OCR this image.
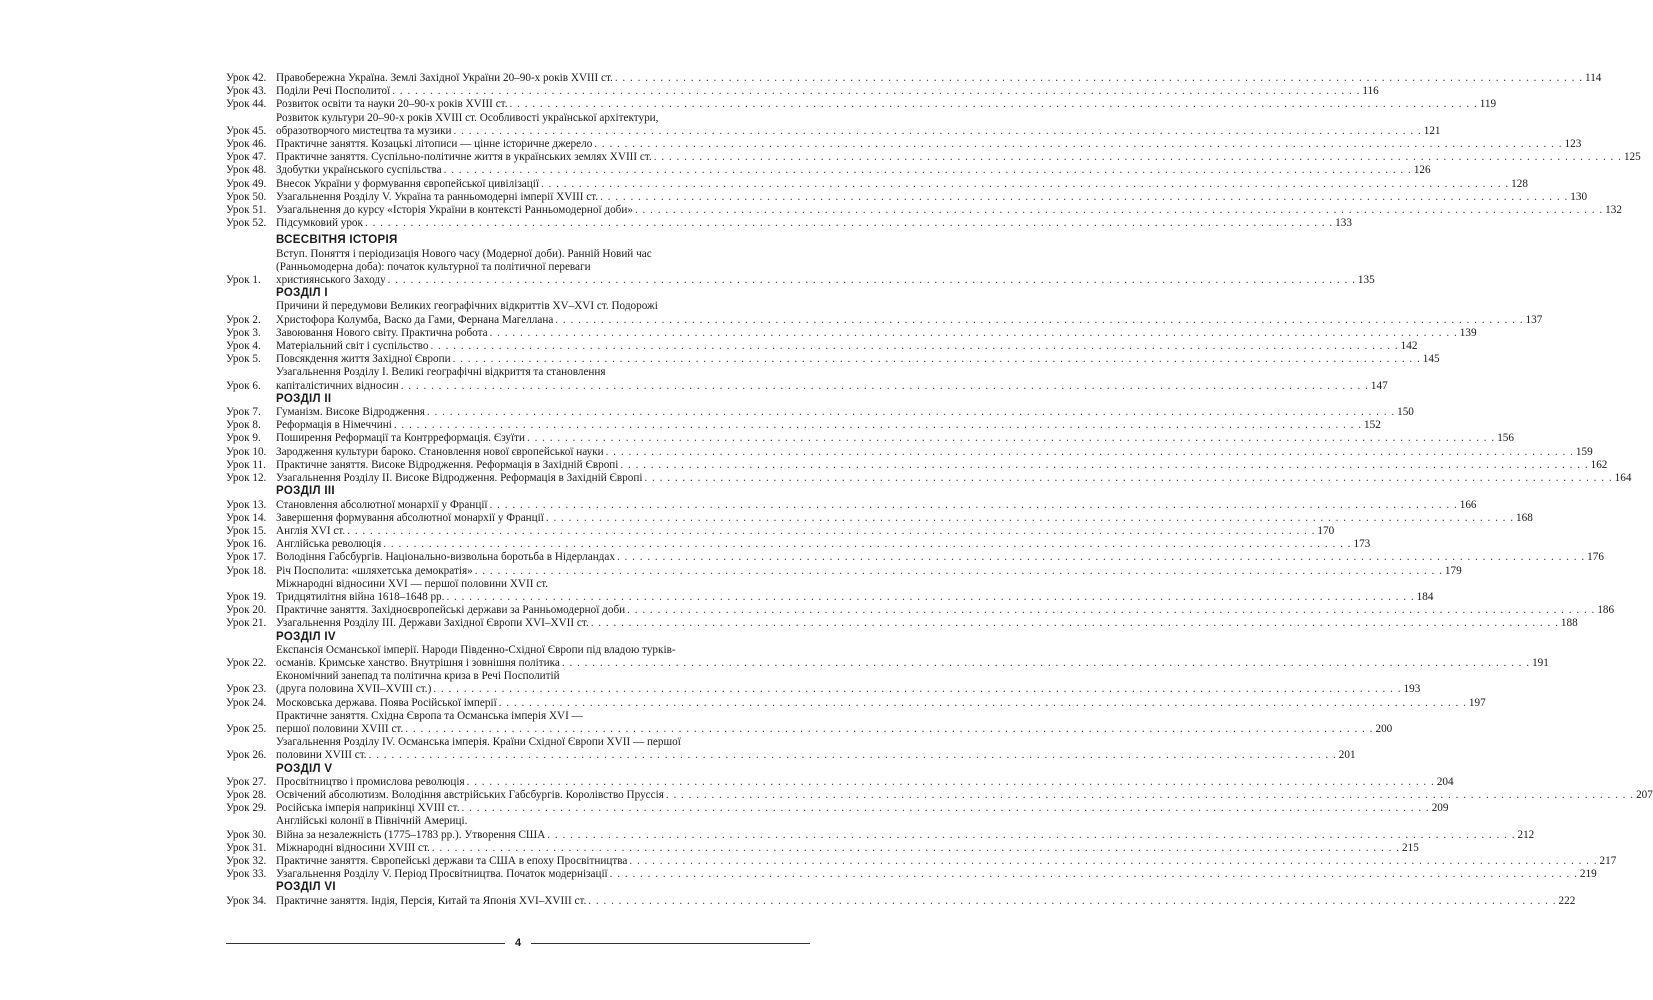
Урок 42. Правобережна Україна. Землі Західної України 20–90-х років XVIII ст. . . .	114
Урок 43. Поділи Речі Посполитої . . .	116
Урок 44. Розвиток освіти та науки 20–90-х років XVIII ст. . . .	119
Урок 45.
Розвиток культури 20–90-х років XVIII ст. Особливості української архітектури,
образотворчого мистецтва та музики . . .	121
Урок 46. Практичне заняття. Козацькі літописи — цінне історичне джерело . . .	123
Урок 47. Практичне заняття. Суспільно-політичне життя в українських землях XVIII ст. . . .	125
Урок 48. Здобутки українського суспільства . . .	126
Урок 49. Внесок України у формування європейської цивілізації . . .	128
Урок 50. Узагальнення Розділу V. Україна та ранньомодерні імперії XVIII ст. . . .	130
Урок 51. Узагальнення до курсу «Історія України в контексті Ранньомодерної доби» . . .	132
Урок 52. Підсумковий урок . . .	133
ВСЕСВІТНЯ ІСТОРІЯ
Урок 1.
Вступ. Поняття і періодизація Нового часу (Модерної доби). Ранній Новий час
(Ранньомодерна доба): початок культурної та політичної переваги
християнського Заходу . . .	135
РОЗДІЛ І
Урок 2.
Причини й передумови Великих географічних відкриттів XV–XVI ст. Подорожі
Христофора Колумба, Васко да Гами, Фернана Магеллана . . .	137
Урок 3.	Завоювання Нового світу. Практична робота . . .	139
Урок 4.	Матеріальний світ і суспільство . . .	142
Урок 5.	Повсякдення життя Західної Європи . . .	145
Урок 6.
Узагальнення Розділу І. Великі географічні відкриття та становлення
капіталістичних відносин . . .	147
РОЗДІЛ ІІ
Урок 7.	Гуманізм. Високе Відродження . . .	150
Урок 8.	Реформація в Німеччині . . .	152
Урок 9.	Поширення Реформації та Контрреформація. Єзуїти . . .	156
Урок 10. Зародження культури бароко. Становлення нової європейської науки . . .	159
Урок 11. Практичне заняття. Високе Відродження. Реформація в Західній Європі . . .	162
Урок 12. Узагальнення Розділу ІІ. Високе Відродження. Реформація в Західній Європі . . .	164
РОЗДІЛ ІІІ
Урок 13. Становлення абсолютної монархії у Франції . . .	166
Урок 14. Завершення формування абсолютної монархії у Франції . . .	168
Урок 15. Англія XVI ст. . . .	170
Урок 16. Англійська революція . . .	173
Урок 17. Володіння Габсбургів. Національно-визвольна боротьба в Нідерландах . . .	176
Урок 18. Річ Посполита: «шляхетська демократія» . . .	179
Урок 19.
Міжнародні відносини XVI — першої половини XVII ст.
Тридцятилітня війна 1618–1648 рр. . . .	184
Урок 20. Практичне заняття. Західноєвропейські держави за Ранньомодерної доби . . .	186
Урок 21. Узагальнення Розділу ІІІ. Держави Західної Європи XVI–XVII ст. . . .	188
РОЗДІЛ IV
Урок 22.
Експансія Османської імперії. Народи Південно-Східної Європи під владою турків-
османів. Кримське ханство. Внутрішня і зовнішня політика . . .	191
Урок 23.
Економічний занепад та політична криза в Речі Посполитій
(друга половина XVII–XVIII ст.) . . .	193
Урок 24. Московська держава. Поява Російської імперії . . .	197
Урок 25.
Практичне заняття. Східна Європа та Османська імперія XVI —
першої половини XVIII ст. . . .	200
Урок 26.
Узагальнення Розділу IV. Османська імперія. Країни Східної Європи XVII — першої
половини XVIII ст. . . .	201
РОЗДІЛ V
Урок 27. Просвітництво і промислова революція . . .	204
Урок 28. Освічений абсолютизм. Володіння австрійських Габсбургів. Королівство Пруссія . . .	207
Урок 29. Російська імперія наприкінці XVIII ст. . . .	209
Урок 30.
Англійські колонії в Північній Америці.
Війна за незалежність (1775–1783 рр.). Утворення США . . .	212
Урок 31. Міжнародні відносини XVIII ст. . . .	215
Урок 32. Практичне заняття. Європейські держави та США в епоху Просвітництва . . .	217
Урок 33. Узагальнення Розділу V. Період Просвітництва. Початок модернізації . . .	219
РОЗДІЛ VI
Урок 34. Практичне заняття. Індія, Персія, Китай та Японія XVI–XVIII ст. . . .	222
4
